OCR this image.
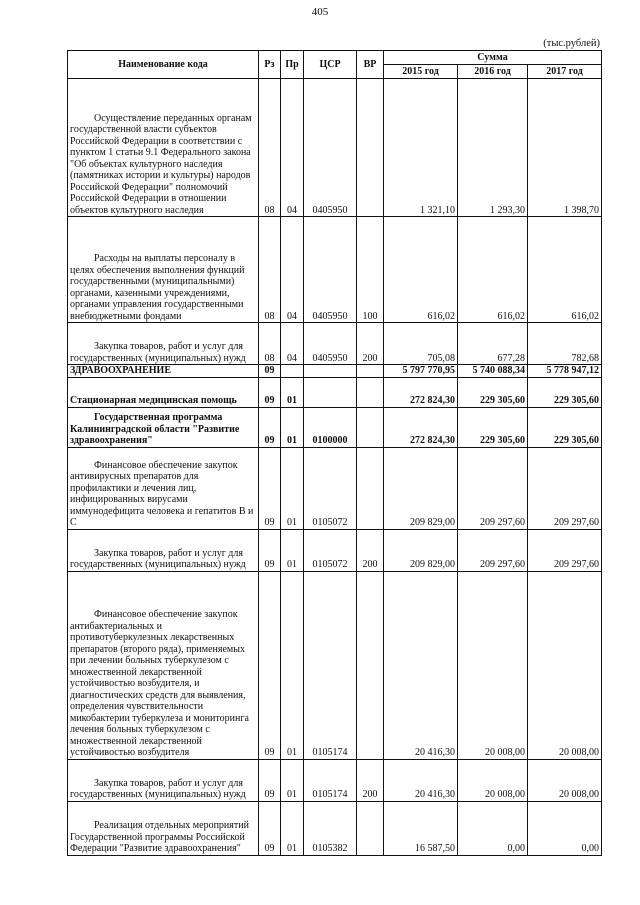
405
(тыс.рублей)
Наименование кода	Рз	Пр	ЦСР	ВР	Сумма		
					2015 год	2016 год	2017 год
Осуществление переданных органам государственной власти субъектов Российской Федерации в соответствии с пунктом 1 статьи 9.1 Федерального закона "Об объектах культурного наследия (памятниках истории и культуры) народов Российской Федерации" полномочий Российской Федерации в отношении объектов культурного наследия	08	04	0405950		1 321,10	1 293,30	1 398,70
Расходы на выплаты персоналу в целях обеспечения выполнения функций государственными (муниципальными) органами, казенными учреждениями, органами управления государственными внебюджетными фондами	08	04	0405950	100	616,02	616,02	616,02
Закупка товаров, работ и услуг для государственных (муниципальных) нужд	08	04	0405950	200	705,08	677,28	782,68
ЗДРАВООХРАНЕНИЕ	09				5 797 770,95	5 740 088,34	5 778 947,12
Стационарная медицинская помощь	09	01			272 824,30	229 305,60	229 305,60
Государственная программа Калининградской области "Развитие здравоохранения"	09	01	0100000		272 824,30	229 305,60	229 305,60
Финансовое обеспечение закупок антивирусных препаратов для профилактики и лечения лиц, инфицированных вирусами иммунодефицита человека и гепатитов В и С	09	01	0105072		209 829,00	209 297,60	209 297,60
Закупка товаров, работ и услуг для государственных (муниципальных) нужд	09	01	0105072	200	209 829,00	209 297,60	209 297,60
Финансовое обеспечение закупок антибактериальных и противотуберкулезных лекарственных препаратов (второго ряда), применяемых при лечении больных туберкулезом с множественной лекарственной устойчивостью возбудителя, и диагностических средств для выявления, определения чувствительности микобактерии туберкулеза и мониторинга лечения больных туберкулезом с множественной лекарственной устойчивостью возбудителя	09	01	0105174		20 416,30	20 008,00	20 008,00
Закупка товаров, работ и услуг для государственных (муниципальных) нужд	09	01	0105174	200	20 416,30	20 008,00	20 008,00
Реализация отдельных мероприятий Государственной программы Российской Федерации "Развитие здравоохранения"	09	01	0105382		16 587,50	0,00	0,00
